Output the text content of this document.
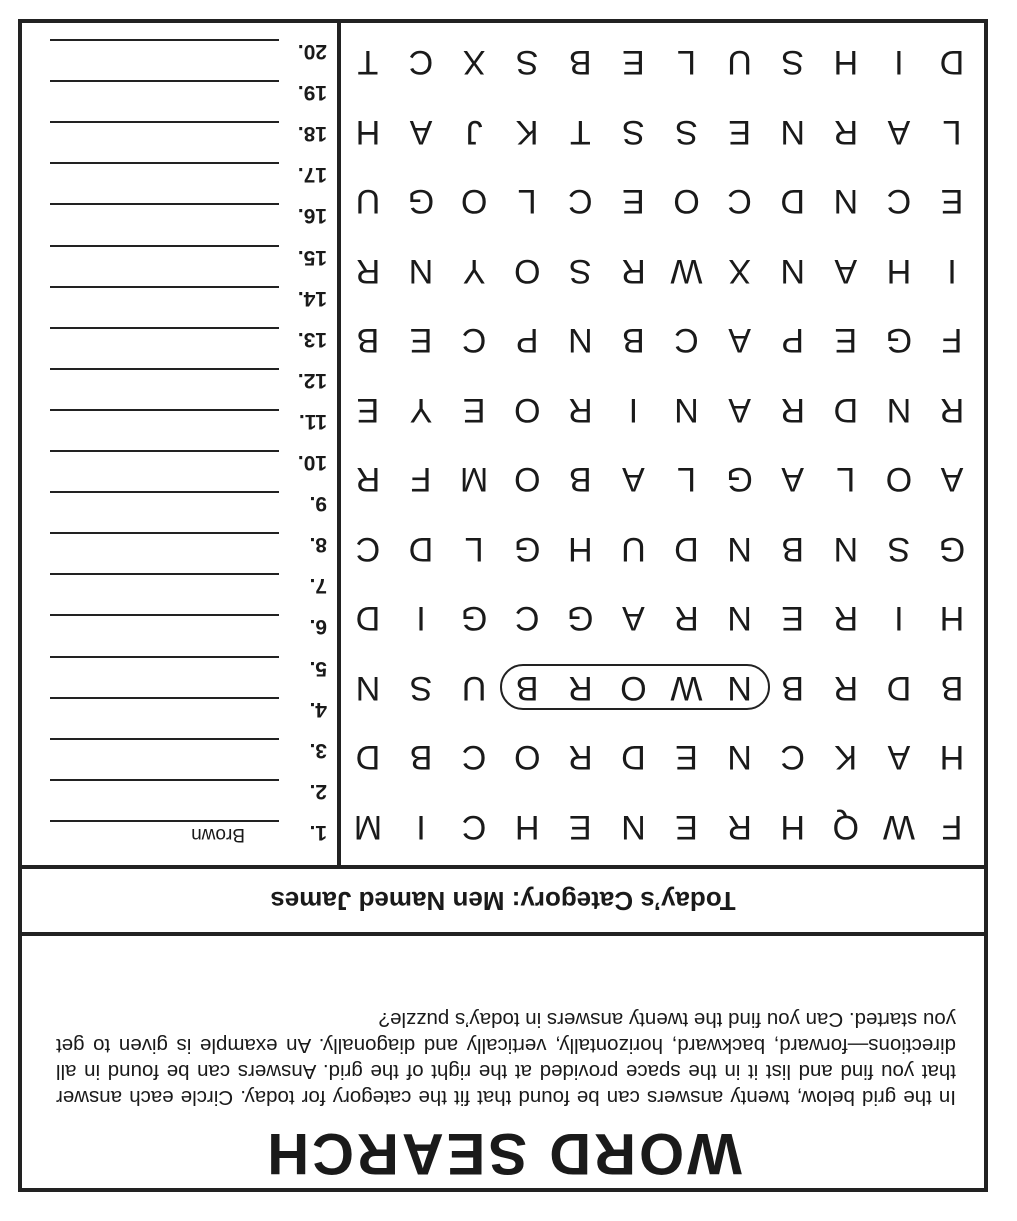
WORD SEARCH
In the grid below, twenty answers can be found that fit the category for today. Circle each answer that you find and list it in the space provided at the right of the grid. Answers can be found in all directions—forward, backward, horizontally, vertically and diagonally. An example is given to get you started. Can you find the twenty answers in today’s puzzle?
Today’s Category: Men Named James
F
W
Q
H
R
E
N
E
H
C
I
M
H
A
K
C
N
E
D
R
O
C
B
D
B
D
R
B
N
W
O
R
B
U
S
N
H
I
R
E
N
R
A
G
C
G
I
D
G
S
N
B
N
D
U
H
G
L
D
C
A
O
L
A
G
L
A
B
O
M
F
R
R
N
D
R
A
N
I
R
O
E
Y
E
F
G
E
P
A
C
B
N
P
C
E
B
I
H
A
N
X
W
R
S
O
Y
N
R
E
C
N
D
C
O
E
C
L
O
G
U
L
A
R
N
E
S
S
T
K
J
A
H
D
I
H
S
U
L
E
B
S
X
C
T
1.
Brown
2.
3.
4.
5.
6.
7.
8.
9.
10.
11.
12.
13.
14.
15.
16.
17.
18.
19.
20.
